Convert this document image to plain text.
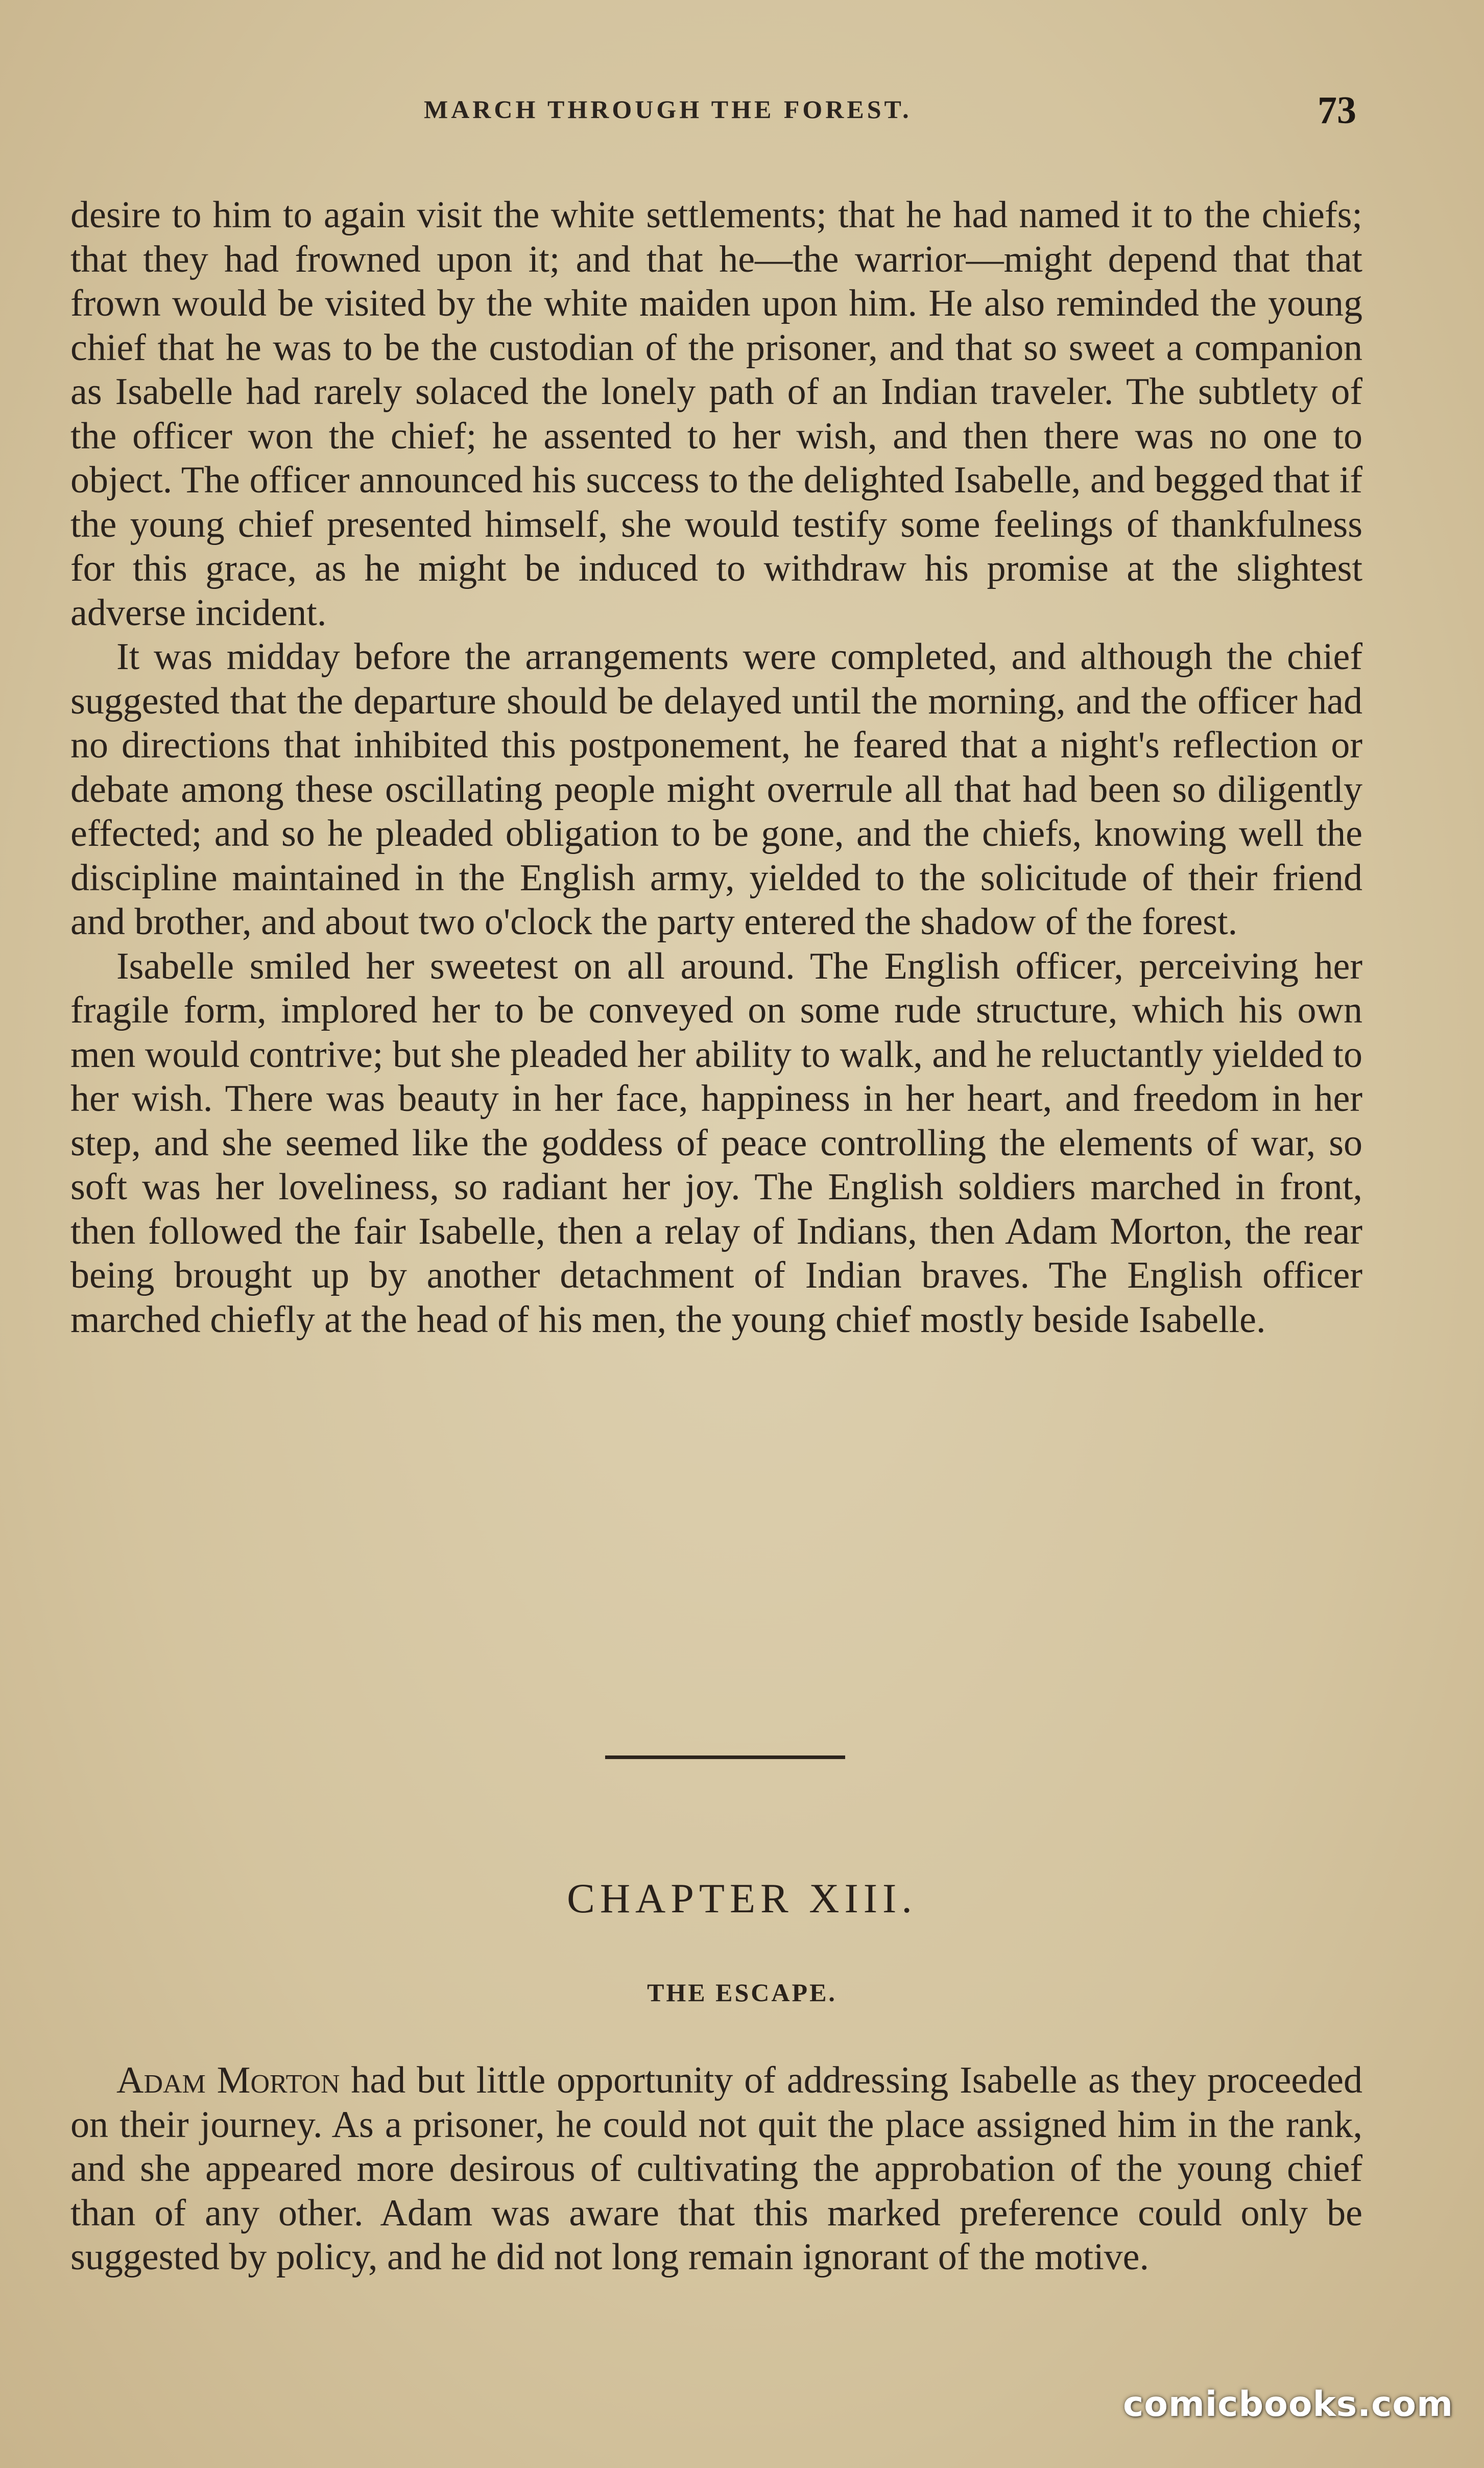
MARCH THROUGH THE FOREST.	73

desire to him to again visit the white settlements; that he had named it to the chiefs; that they had frowned upon it; and that he—the warrior—might depend that that frown would be visited by the white maiden upon him. He also reminded the young chief that he was to be the custodian of the prisoner, and that so sweet a companion as Isabelle had rarely solaced the lonely path of an Indian traveler. The subtlety of the officer won the chief; he assented to her wish, and then there was no one to object. The officer announced his success to the delighted Isabelle, and begged that if the young chief presented himself, she would testify some feelings of thankfulness for this grace, as he might be induced to withdraw his promise at the slightest adverse incident.

It was midday before the arrangements were completed, and although the chief suggested that the departure should be delayed until the morning, and the officer had no directions that inhibited this postponement, he feared that a night's reflection or debate among these oscillating people might overrule all that had been so diligently effected; and so he pleaded obligation to be gone, and the chiefs, knowing well the discipline maintained in the English army, yielded to the solicitude of their friend and brother, and about two o'clock the party entered the shadow of the forest.

Isabelle smiled her sweetest on all around. The English officer, perceiving her fragile form, implored her to be conveyed on some rude structure, which his own men would contrive; but she pleaded her ability to walk, and he reluctantly yielded to her wish. There was beauty in her face, happiness in her heart, and freedom in her step, and she seemed like the goddess of peace controlling the elements of war, so soft was her loveliness, so radiant her joy. The English soldiers marched in front, then followed the fair Isabelle, then a relay of Indians, then Adam Morton, the rear being brought up by another detachment of Indian braves. The English officer marched chiefly at the head of his men, the young chief mostly beside Isabelle.

CHAPTER XIII.
THE ESCAPE.

Adam Morton had but little opportunity of addressing Isabelle as they proceeded on their journey. As a prisoner, he could not quit the place assigned him in the rank, and she appeared more desirous of cultivating the approbation of the young chief than of any other. Adam was aware that this marked preference could only be suggested by policy, and he did not long remain ignorant of the motive.

comicbooks.com
